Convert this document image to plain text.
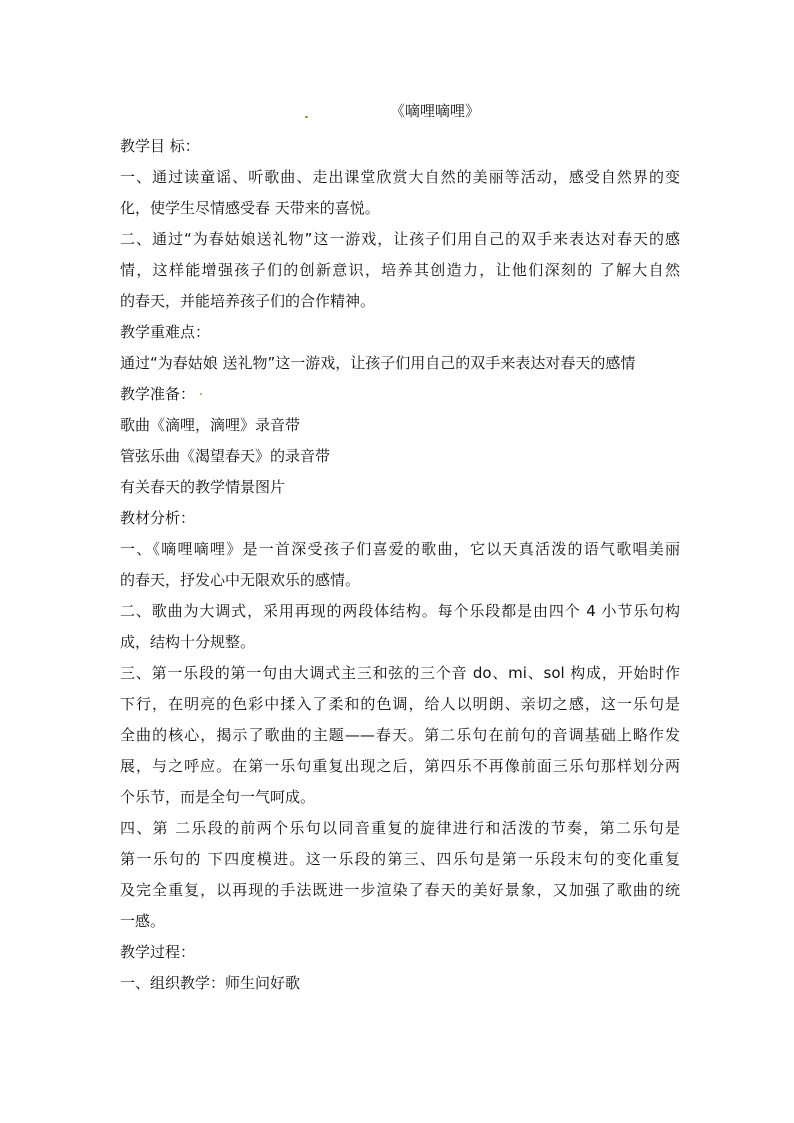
《嘀哩嘀哩》
教学目 标：
一、通过读童谣、听歌曲、走出课堂欣赏大自然的美丽等活动，感受自然界的变
化，使学生尽情感受春 天带来的喜悦。
二、通过“为春姑娘送礼物”这一游戏，让孩子们用自己的双手来表达对春天的感
情，这样能增强孩子们的创新意识，培养其创造力，让他们深刻的 了解大自然
的春天，并能培养孩子们的合作精神。
教学重难点：
通过“为春姑娘 送礼物”这一游戏，让孩子们用自己的双手来表达对春天的感情
教学准备：
歌曲《滴哩，滴哩》录音带
管弦乐曲《渴望春天》的录音带
有关春天的教学情景图片
教材分析：
一、《嘀哩嘀哩》是一首深受孩子们喜爱的歌曲，它以天真活泼的语气歌唱美丽
的春天，抒发心中无限欢乐的感情。
二、歌曲为大调式，采用再现的两段体结构。每个乐段都是由四个 4 小节乐句构
成，结构十分规整。
三、第一乐段的第一句由大调式主三和弦的三个音 do、mi、sol 构成，开始时作
下行，在明亮的色彩中揉入了柔和的色调，给人以明朗、亲切之感，这一乐句是
全曲的核心，揭示了歌曲的主题——春天。第二乐句在前句的音调基础上略作发
展，与之呼应。在第一乐句重复出现之后，第四乐不再像前面三乐句那样划分两
个乐节，而是全句一气呵成。
四、第 二乐段的前两个乐句以同音重复的旋律进行和活泼的节奏，第二乐句是
第一乐句的 下四度模进。这一乐段的第三、四乐句是第一乐段末句的变化重复
及完全重复，以再现的手法既进一步渲染了春天的美好景象，又加强了歌曲的统
一感。
教学过程：
一、组织教学：师生问好歌
